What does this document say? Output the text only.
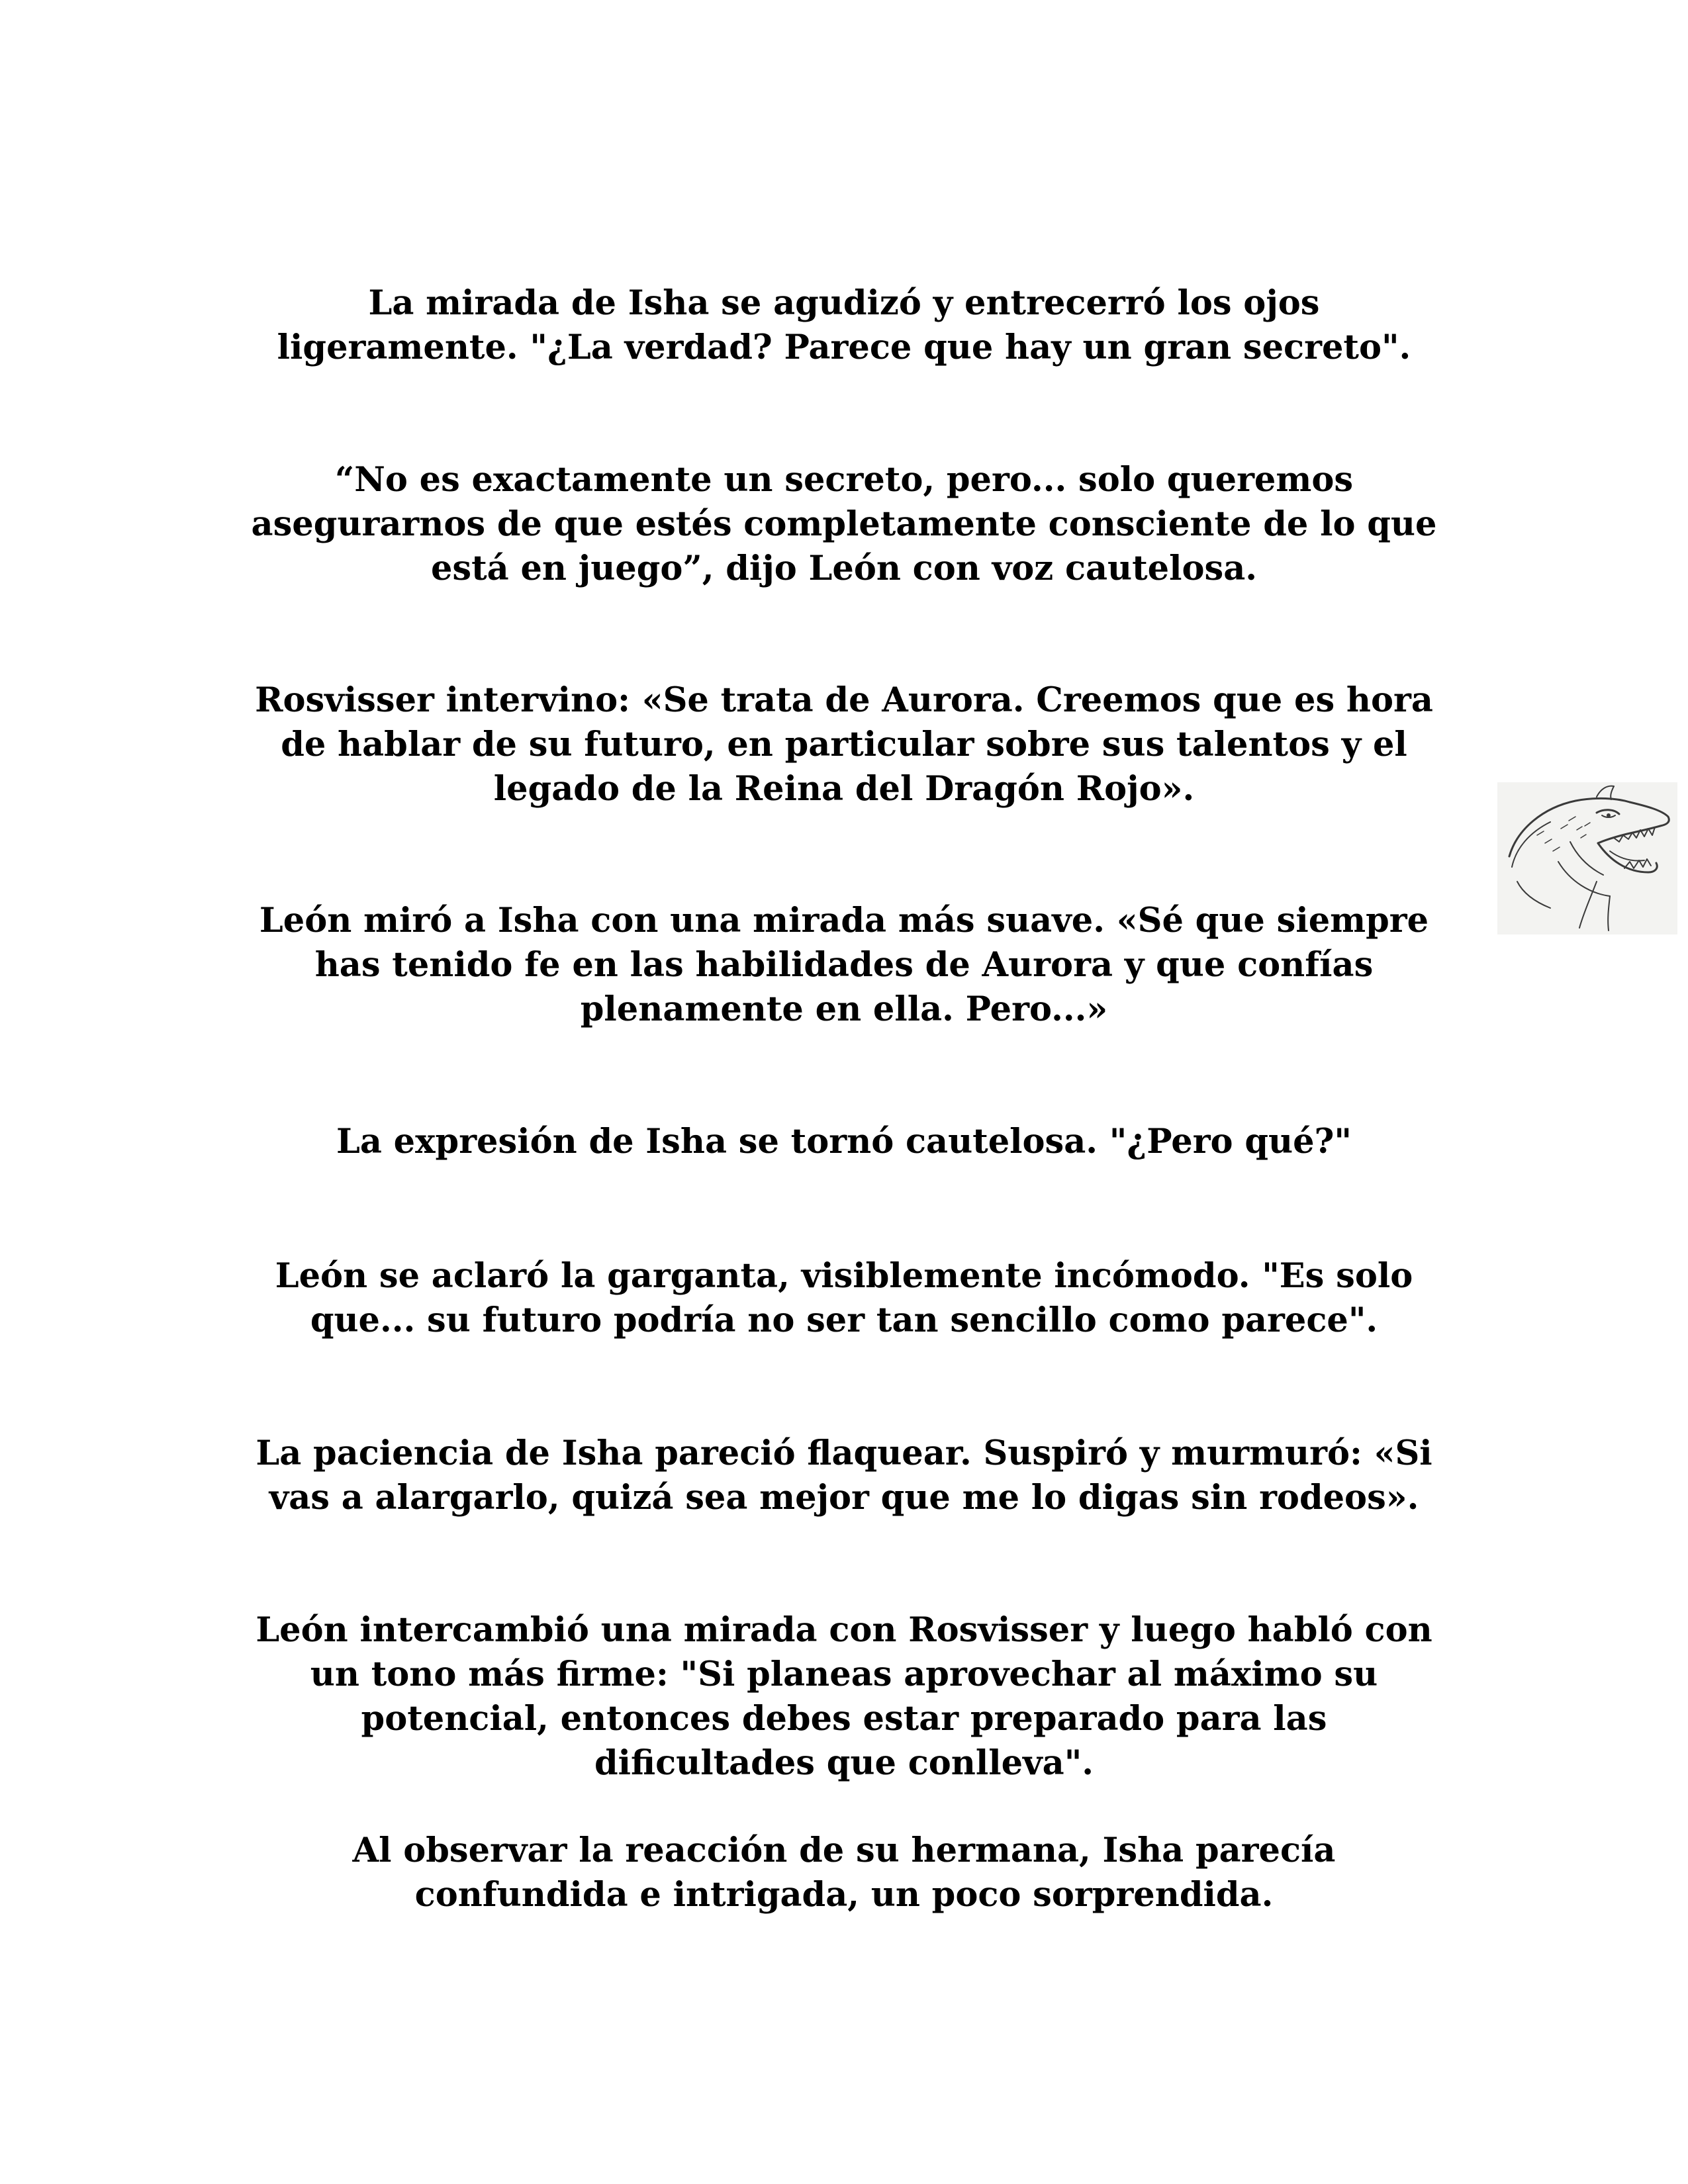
La mirada de Isha se agudizó y entrecerró los ojos
ligeramente. "¿La verdad? Parece que hay un gran secreto".

“No es exactamente un secreto, pero... solo queremos
asegurarnos de que estés completamente consciente de lo que
está en juego”, dijo León con voz cautelosa.

Rosvisser intervino: «Se trata de Aurora. Creemos que es hora
de hablar de su futuro, en particular sobre sus talentos y el
legado de la Reina del Dragón Rojo».

León miró a Isha con una mirada más suave. «Sé que siempre
has tenido fe en las habilidades de Aurora y que confías
plenamente en ella. Pero...»

La expresión de Isha se tornó cautelosa. "¿Pero qué?"

León se aclaró la garganta, visiblemente incómodo. "Es solo
que... su futuro podría no ser tan sencillo como parece".

La paciencia de Isha pareció flaquear. Suspiró y murmuró: «Si
vas a alargarlo, quizá sea mejor que me lo digas sin rodeos».

León intercambió una mirada con Rosvisser y luego habló con
un tono más firme: "Si planeas aprovechar al máximo su
potencial, entonces debes estar preparado para las
dificultades que conlleva".

Al observar la reacción de su hermana, Isha parecía
confundida e intrigada, un poco sorprendida.
